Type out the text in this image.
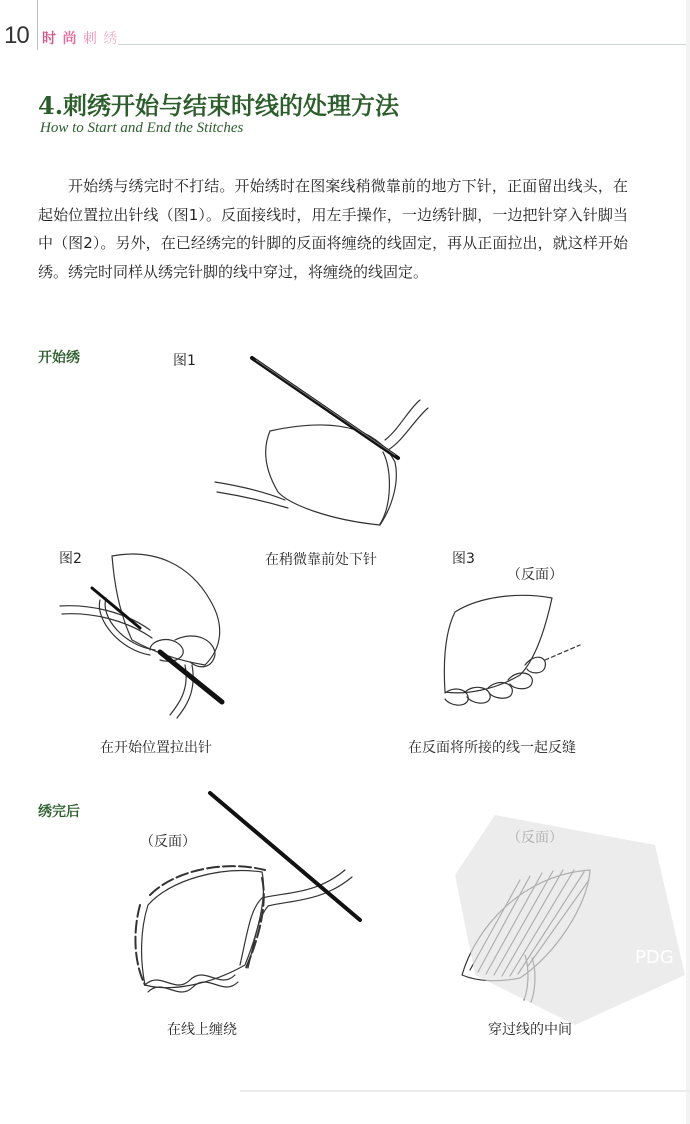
10 时 尚 刺 绣
4.刺绣开始与结束时线的处理方法
How to Start and End the Stitches
开始绣与绣完时不打结。开始绣时在图案线稍微靠前的地方下针，正面留出线头，在起始位置拉出针线（图1）。反面接线时，用左手操作，一边绣针脚，一边把针穿入针脚当中（图2）。另外，在已经绣完的针脚的反面将缠绕的线固定，再从正面拉出，就这样开始绣。绣完时同样从绣完针脚的线中穿过，将缠绕的线固定。
开始绣	图1
图2	在稍微靠前处下针	图3
（反面）
在开始位置拉出针	在反面将所接的线一起反缝
绣完后
（反面）
在线上缠绕	穿过线的中间
PDG
